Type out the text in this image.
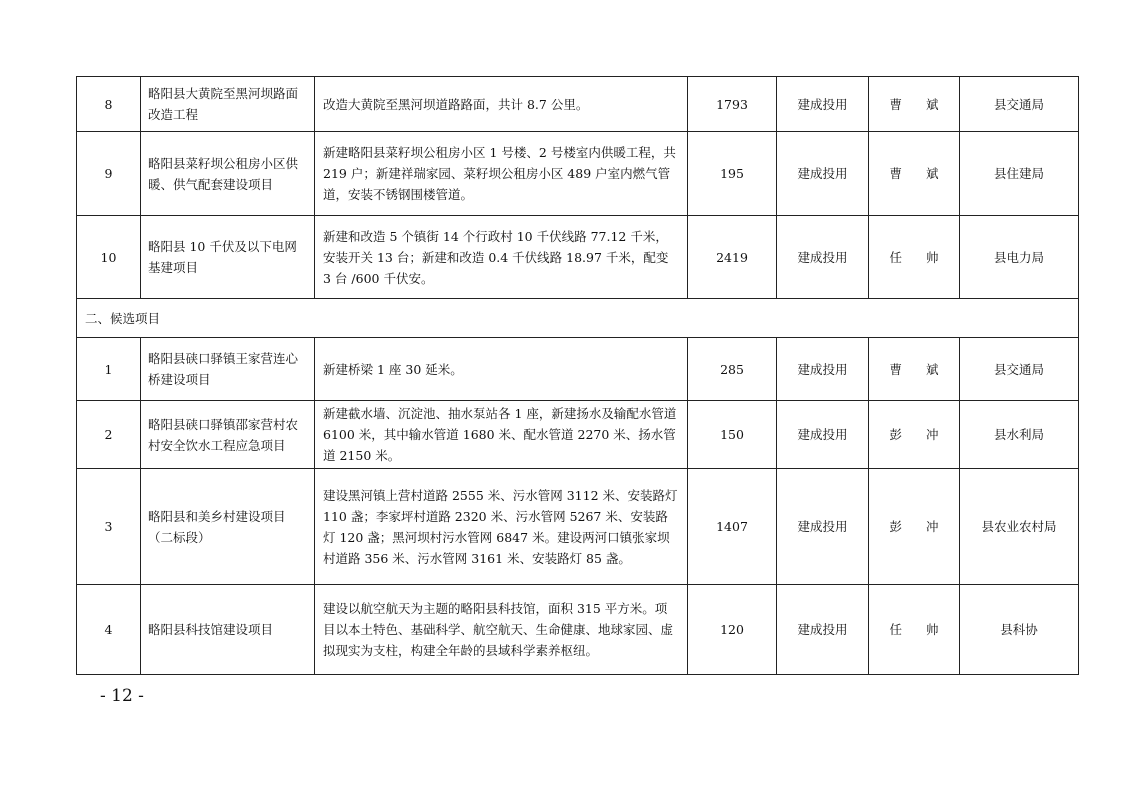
8	略阳县大黄院至黑河坝路面改造工程	改造大黄院至黑河坝道路路面，共计 8.7 公里。	1793	建成投用	曹 斌	县交通局
9	略阳县菜籽坝公租房小区供暖、供气配套建设项目	新建略阳县菜籽坝公租房小区 1 号楼、2 号楼室内供暖工程，共 219 户；新建祥瑞家园、菜籽坝公租房小区 489 户室内燃气管道，安装不锈钢围楼管道。	195	建成投用	曹 斌	县住建局
10	略阳县 10 千伏及以下电网基建项目	新建和改造 5 个镇街 14 个行政村 10 千伏线路 77.12 千米，安装开关 13 台；新建和改造 0.4 千伏线路 18.97 千米，配变 3 台 /600 千伏安。	2419	建成投用	任 帅	县电力局
二、候选项目						
1	略阳县硖口驿镇王家营连心桥建设项目	新建桥梁 1 座 30 延米。	285	建成投用	曹 斌	县交通局
2	略阳县硖口驿镇邵家营村农村安全饮水工程应急项目	新建截水墙、沉淀池、抽水泵站各 1 座，新建扬水及输配水管道 6100 米，其中输水管道 1680 米、配水管道 2270 米、扬水管道 2150 米。	150	建成投用	彭 冲	县水利局
3	略阳县和美乡村建设项目（二标段）	建设黑河镇上营村道路 2555 米、污水管网 3112 米、安装路灯 110 盏；李家坪村道路 2320 米、污水管网 5267 米、安装路灯 120 盏；黑河坝村污水管网 6847 米。建设两河口镇张家坝村道路 356 米、污水管网 3161 米、安装路灯 85 盏。	1407	建成投用	彭 冲	县农业农村局
4	略阳县科技馆建设项目	建设以航空航天为主题的略阳县科技馆，面积 315 平方米。项目以本土特色、基础科学、航空航天、生命健康、地球家园、虚拟现实为支柱，构建全年龄的县域科学素养枢纽。	120	建成投用	任 帅	县科协
- 12 -
